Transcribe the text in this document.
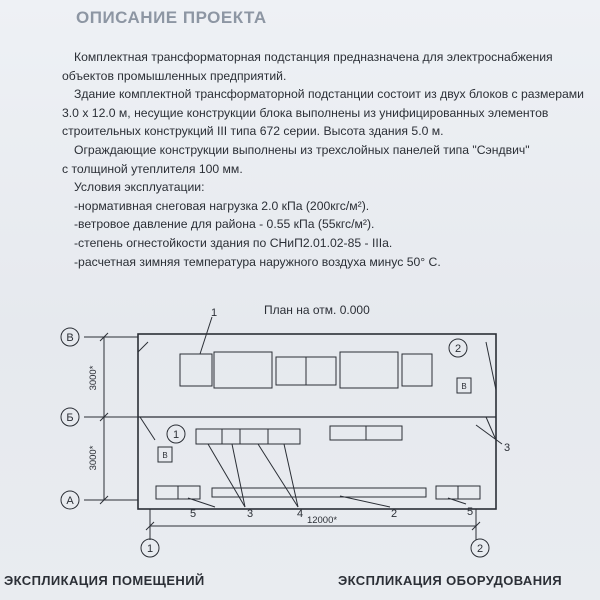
ОПИСАНИЕ ПРОЕКТА

Комплектная трансформаторная подстанция предназначена для электроснабжения

объектов промышленных предприятий.

Здание комплектной трансформаторной подстанции состоит из двух блоков с размерами

3.0 х 12.0 м, несущие конструкции блока выполнены из унифицированных элементов

строительных конструкций III типа 672 серии. Высота здания 5.0 м.

Ограждающие конструкции выполнены из трехслойных панелей типа "Сэндвич"

с толщиной утеплителя 100 мм.

Условия эксплуатации:

-нормативная снеговая нагрузка 2.0 кПа (200кгс/м²).

-ветровое давление для района - 0.55 кПа (55кгс/м²).

-степень огнестойкости здания по СНиП2.01.02-85 - IIIа.

-расчетная зимняя температура наружного воздуха минус 50° С.

План на отм. 0.000
В
Б
А
1	2
1
2
В
В
1
5	3	4	2
3
5
12000*
3000*
3000*
ЭКСПЛИКАЦИЯ ПОМЕЩЕНИЙ	ЭКСПЛИКАЦИЯ ОБОРУДОВАНИЯ
